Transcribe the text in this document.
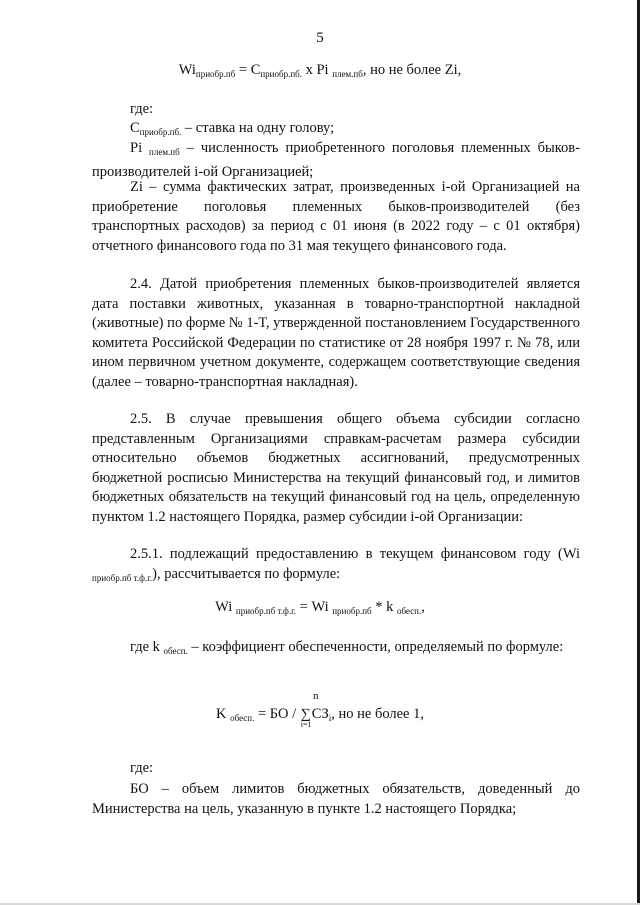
5
$Wi_{приобр.пб} = С_{приобр.пб.}$ x Pi $_{плем.пб}$, но не более Zi,
где:
$С_{приобр.пб.}$ – ставка на одну голову;
Pi $_{плем.пб}$ – численность приобретенного поголовья племенных быков-производителей i-ой Организацией;
Zi – сумма фактических затрат, произведенных i-ой Организацией на приобретение поголовья племенных быков-производителей (без транспортных расходов) за период с 01 июня (в 2022 году – с 01 октября) отчетного финансового года по 31 мая текущего финансового года.
2.4. Датой приобретения племенных быков-производителей является дата поставки животных, указанная в товарно-транспортной накладной (животные) по форме № 1-Т, утвержденной постановлением Государственного комитета Российской Федерации по статистике от 28 ноября 1997 г. № 78, или ином первичном учетном документе, содержащем соответствующие сведения (далее – товарно-транспортная накладная).
2.5. В случае превышения общего объема субсидии согласно представленным Организациями справкам-расчетам размера субсидии относительно объемов бюджетных ассигнований, предусмотренных бюджетной росписью Министерства на текущий финансовый год, и лимитов бюджетных обязательств на текущий финансовый год на цель, определенную пунктом 1.2 настоящего Порядка, размер субсидии i-ой Организации:
2.5.1. подлежащий предоставлению в текущем финансовом году (Wi $_{приобр.пб т.ф.г.}$), рассчитывается по формуле:
Wi $_{приобр.пб т.ф.г.}$ = Wi $_{приобр.пб}$ * k $_{обесп.}$,
где k $_{обесп.}$ – коэффициент обеспеченности, определяемый по формуле:
n
K $_{обесп.}$ = БО / ∑
i=1
$СЗ_i$, но не более 1,
где:
БО – объем лимитов бюджетных обязательств, доведенный до Министерства на цель, указанную в пункте 1.2 настоящего Порядка;
